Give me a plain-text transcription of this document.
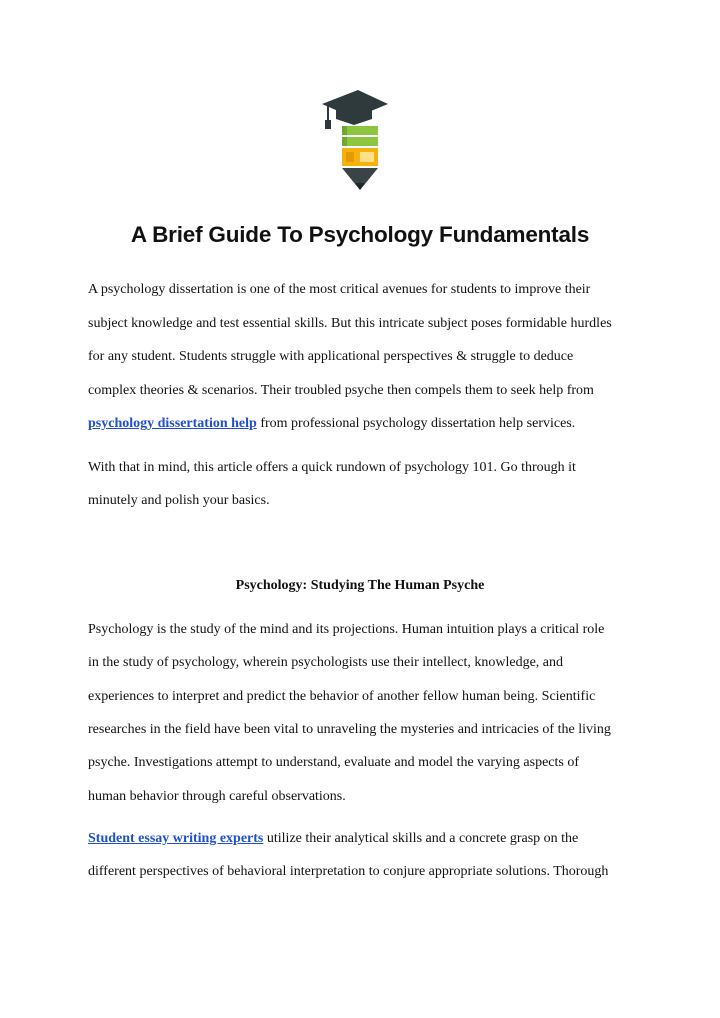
A Brief Guide To Psychology Fundamentals
A psychology dissertation is one of the most critical avenues for students to improve their
subject knowledge and test essential skills. But this intricate subject poses formidable hurdles
for any student. Students struggle with applicational perspectives & struggle to deduce
complex theories & scenarios. Their troubled psyche then compels them to seek help from
psychology dissertation help from professional psychology dissertation help services.
With that in mind, this article offers a quick rundown of psychology 101. Go through it
minutely and polish your basics.
Psychology: Studying The Human Psyche
Psychology is the study of the mind and its projections. Human intuition plays a critical role
in the study of psychology, wherein psychologists use their intellect, knowledge, and
experiences to interpret and predict the behavior of another fellow human being. Scientific
researches in the field have been vital to unraveling the mysteries and intricacies of the living
psyche. Investigations attempt to understand, evaluate and model the varying aspects of
human behavior through careful observations.
Student essay writing experts utilize their analytical skills and a concrete grasp on the
different perspectives of behavioral interpretation to conjure appropriate solutions. Thorough
